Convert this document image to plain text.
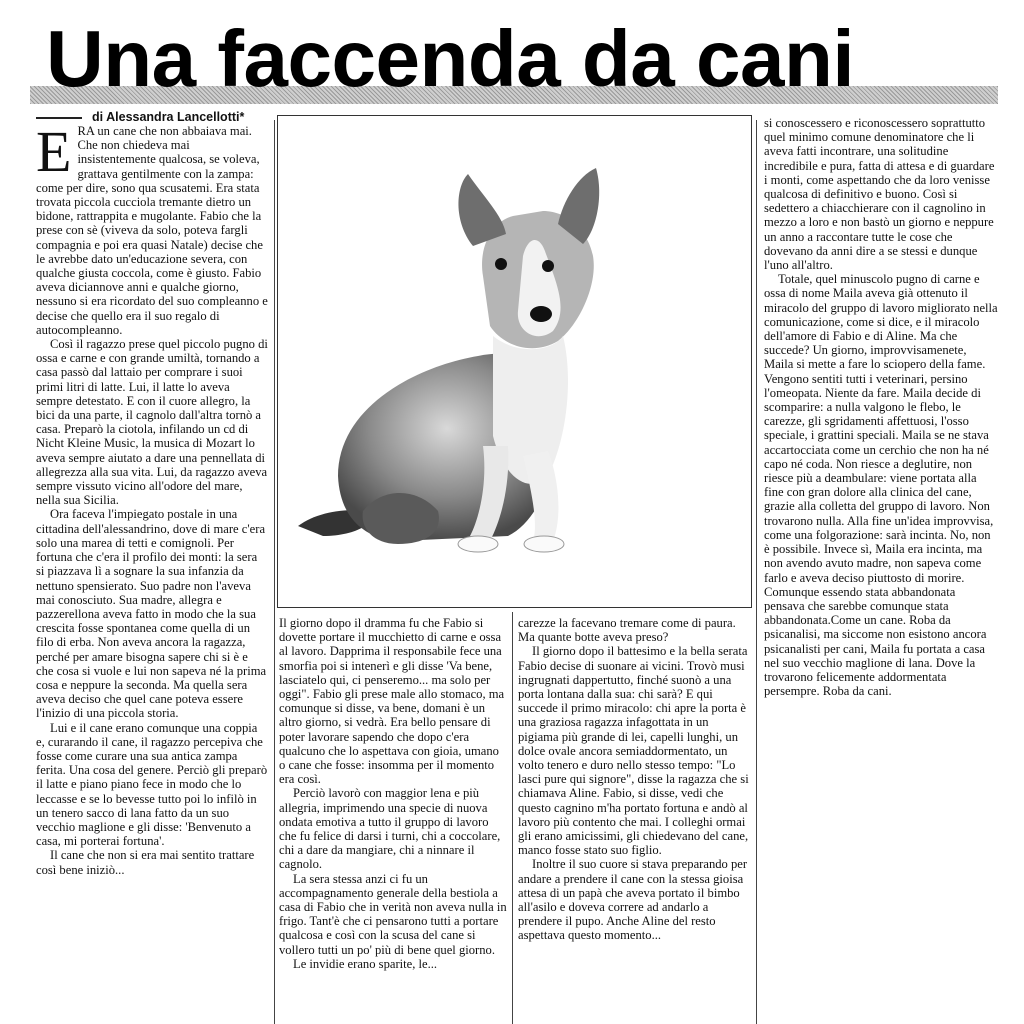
Una faccenda da cani
di Alessandra Lancellotti*
E RA un cane che non abbaiava mai. Che non chiedeva mai insistentemente qualcosa, se voleva, grattava gentilmente con la zampa: come per dire, sono qua scusatemi. Era stata trovata piccola cucciola tremante dietro un bidone, rattrappita e mugolante. Fabio che la prese con sè (viveva da solo, poteva fargli compagnia e poi era quasi Natale) decise che le avrebbe dato un'educazione severa, con qualche giusta coccola, come è giusto. Fabio aveva diciannove anni e qualche giorno, nessuno si era ricordato del suo compleanno e decise che quello era il suo regalo di autocompleanno.

Così il ragazzo prese quel piccolo pugno di ossa e carne e con grande umiltà, tornando a casa passò dal lattaio per comprare i suoi primi litri di latte. Lui, il latte lo aveva sempre detestato. E con il cuore allegro, la bici da una parte, il cagnolo dall'altra tornò a casa. Preparò la ciotola, infilando un cd di Nicht Kleine Music, la musica di Mozart lo aveva sempre aiutato a dare una pennellata di allegrezza alla sua vita. Lui, da ragazzo aveva sempre vissuto vicino all'odore del mare, nella sua Sicilia.

Ora faceva l'impiegato postale in una cittadina dell'alessandrino, dove di mare c'era solo una marea di tetti e comignoli. Per fortuna che c'era il profilo dei monti: la sera si piazzava lì a sognare la sua infanzia da nettuno spensierato. Suo padre non l'aveva mai conosciuto. Sua madre, allegra e pazzerellona aveva fatto in modo che la sua crescita fosse spontanea come quella di un filo di erba. Non aveva ancora la ragazza, perché per amare bisogna sapere chi si è e che cosa si vuole e lui non sapeva né la prima cosa e neppure la seconda. Ma quella sera aveva deciso che quel cane poteva essere l'inizio di una piccola storia.

Lui e il cane erano comunque una coppia e, curarando il cane, il ragazzo percepiva che fosse come curare una sua antica zampa ferita. Una cosa del genere. Perciò gli preparò il latte e piano piano fece in modo che lo leccasse e se lo bevesse tutto poi lo infilò in un tenero sacco di lana fatto da un suo vecchio maglione e gli disse: 'Benvenuto a casa, mi porterai fortuna'.

Il cane che non si era mai sentito trattare così bene iniziò...

Il giorno dopo il dramma fu che Fabio si dovette portare il mucchietto di carne e ossa al lavoro. Dapprima il responsabile fece una smorfia poi si intenerì e gli disse 'Va bene, lasciatelo qui, ci penseremo... ma solo per oggi". Fabio gli prese male allo stomaco, ma comunque si disse, va bene, domani è un altro giorno, si vedrà. Era bello pensare di poter lavorare sapendo che dopo c'era qualcuno che lo aspettava con gioia, umano o cane che fosse: insomma per il momento era così.

Perciò lavorò con maggior lena e più allegria, imprimendo una specie di nuova ondata emotiva a tutto il gruppo di lavoro che fu felice di darsi i turni, chi a coccolare, chi a dare da mangiare, chi a ninnare il cagnolo.

La sera stessa anzi ci fu un accompagnamento generale della bestiola a casa di Fabio che in verità non aveva nulla in frigo. Tant'è che ci pensarono tutti a portare qualcosa e così con la scusa del cane si vollero tutti un po' più di bene quel giorno.

Le invidie erano sparite, le...

carezze la facevano tremare come di paura. Ma quante botte aveva preso?

Il giorno dopo il battesimo e la bella serata Fabio decise di suonare ai vicini. Trovò musi ingrugnati dappertutto, finché suonò a una porta lontana dalla sua: chi sarà? E qui succede il primo miracolo: chi apre la porta è una graziosa ragazza infagottata in un pigiama più grande di lei, capelli lunghi, un dolce ovale ancora semiaddormentato, un volto tenero e duro nello stesso tempo: "Lo lasci pure qui signore", disse la ragazza che si chiamava Aline. Fabio, si disse, vedi che questo cagnino m'ha portato fortuna e andò al lavoro più contento che mai. I colleghi ormai gli erano amicissimi, gli chiedevano del cane, manco fosse stato suo figlio.

Inoltre il suo cuore si stava preparando per andare a prendere il cane con la stessa gioisa attesa di un papà che aveva portato il bimbo all'asilo e doveva correre ad andarlo a prendere il pupo. Anche Aline del resto aspettava questo momento...

si conoscessero e riconoscessero soprattutto quel minimo comune denominatore che li aveva fatti incontrare, una solitudine incredibile e pura, fatta di attesa e di guardare i monti, come aspettando che da loro venisse qualcosa di definitivo e buono. Così si sedettero a chiacchierare con il cagnolino in mezzo a loro e non bastò un giorno e neppure un anno a raccontare tutte le cose che dovevano da anni dire a se stessi e dunque l'uno all'altro.

Totale, quel minuscolo pugno di carne e ossa di nome Maila aveva già ottenuto il miracolo del gruppo di lavoro migliorato nella comunicazione, come si dice, e il miracolo dell'amore di Fabio e di Aline. Ma che succede? Un giorno, improvvisamenete, Maila si mette a fare lo sciopero della fame. Vengono sentiti tutti i veterinari, persino l'omeopata. Niente da fare. Maila decide di scomparire: a nulla valgono le flebo, le carezze, gli sgridamenti affettuosi, l'osso speciale, i grattini speciali. Maila se ne stava accartocciata come un cerchio che non ha né capo né coda. Non riesce a deglutire, non riesce più a deambulare: viene portata alla fine con gran dolore alla clinica del cane, grazie alla colletta del gruppo di lavoro. Non trovarono nulla. Alla fine un'idea improvvisa, come una folgorazione: sarà incinta. No, non è possibile. Invece sì, Maila era incinta, ma non avendo avuto madre, non sapeva come farlo e aveva deciso piuttosto di morire. Comunque essendo stata abbandonata pensava che sarebbe comunque stata abbandonata.Come un cane. Roba da psicanalisi, ma siccome non esistono ancora psicanalisti per cani, Maila fu portata a casa nel suo vecchio maglione di lana. Dove la trovarono felicemente addormentata persempre. Roba da cani.
